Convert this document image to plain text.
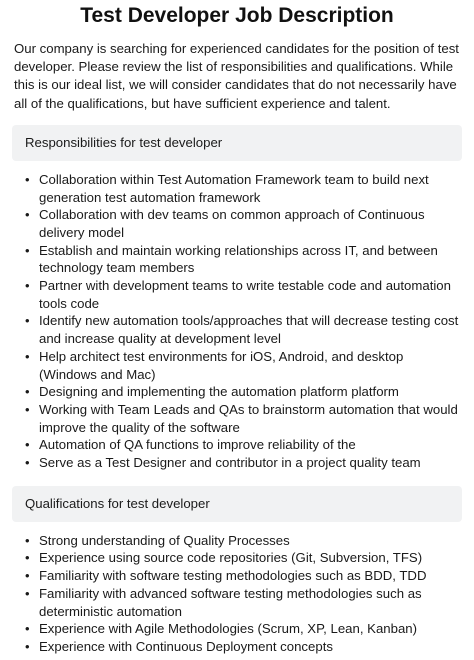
Test Developer Job Description

Our company is searching for experienced candidates for the position of test developer. Please review the list of responsibilities and qualifications. While this is our ideal list, we will consider candidates that do not necessarily have all of the qualifications, but have sufficient experience and talent.

Responsibilities for test developer
• Collaboration within Test Automation Framework team to build next generation test automation framework
• Collaboration with dev teams on common approach of Continuous delivery model
• Establish and maintain working relationships across IT, and between technology team members
• Partner with development teams to write testable code and automation tools code
• Identify new automation tools/approaches that will decrease testing cost and increase quality at development level
• Help architect test environments for iOS, Android, and desktop (Windows and Mac)
• Designing and implementing the automation platform platform
• Working with Team Leads and QAs to brainstorm automation that would improve the quality of the software
• Automation of QA functions to improve reliability of the
• Serve as a Test Designer and contributor in a project quality team
Qualifications for test developer
• Strong understanding of Quality Processes
• Experience using source code repositories (Git, Subversion, TFS)
• Familiarity with software testing methodologies such as BDD, TDD
• Familiarity with advanced software testing methodologies such as deterministic automation
• Experience with Agile Methodologies (Scrum, XP, Lean, Kanban)
• Experience with Continuous Deployment concepts
